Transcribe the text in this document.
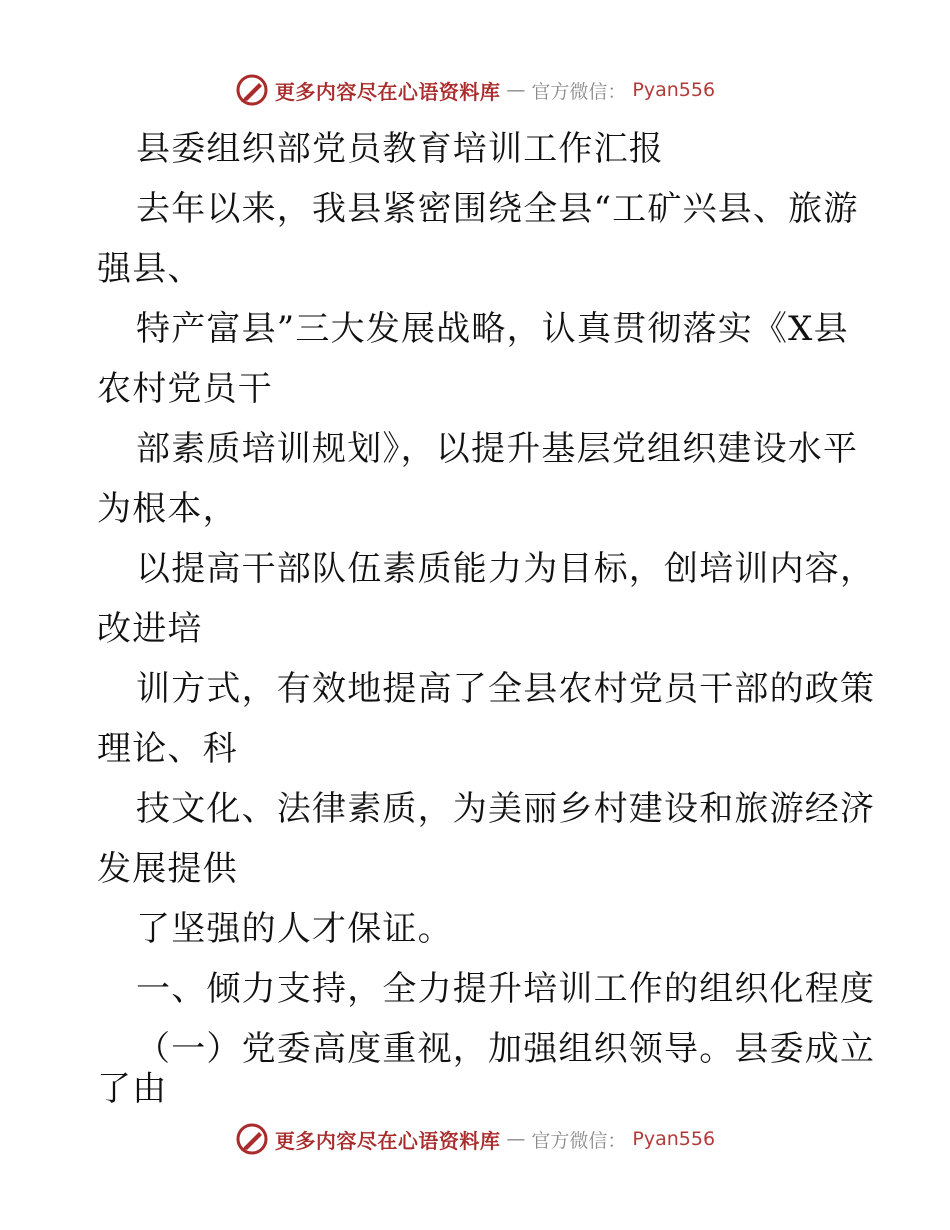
更多内容尽在心语资料库 — 官方微信： Pyan556
县委组织部党员教育培训工作汇报
去年以来，我县紧密围绕全县“工矿兴县、旅游
强县、
特产富县”三大发展战略，认真贯彻落实《X县
农村党员干
部素质培训规划》，以提升基层党组织建设水平
为根本，
以提高干部队伍素质能力为目标，创培训内容，
改进培
训方式，有效地提高了全县农村党员干部的政策
理论、科
技文化、法律素质，为美丽乡村建设和旅游经济
发展提供
了坚强的人才保证。
一、倾力支持，全力提升培训工作的组织化程度
（一）党委高度重视，加强组织领导。县委成立
了由
更多内容尽在心语资料库 — 官方微信： Pyan556
